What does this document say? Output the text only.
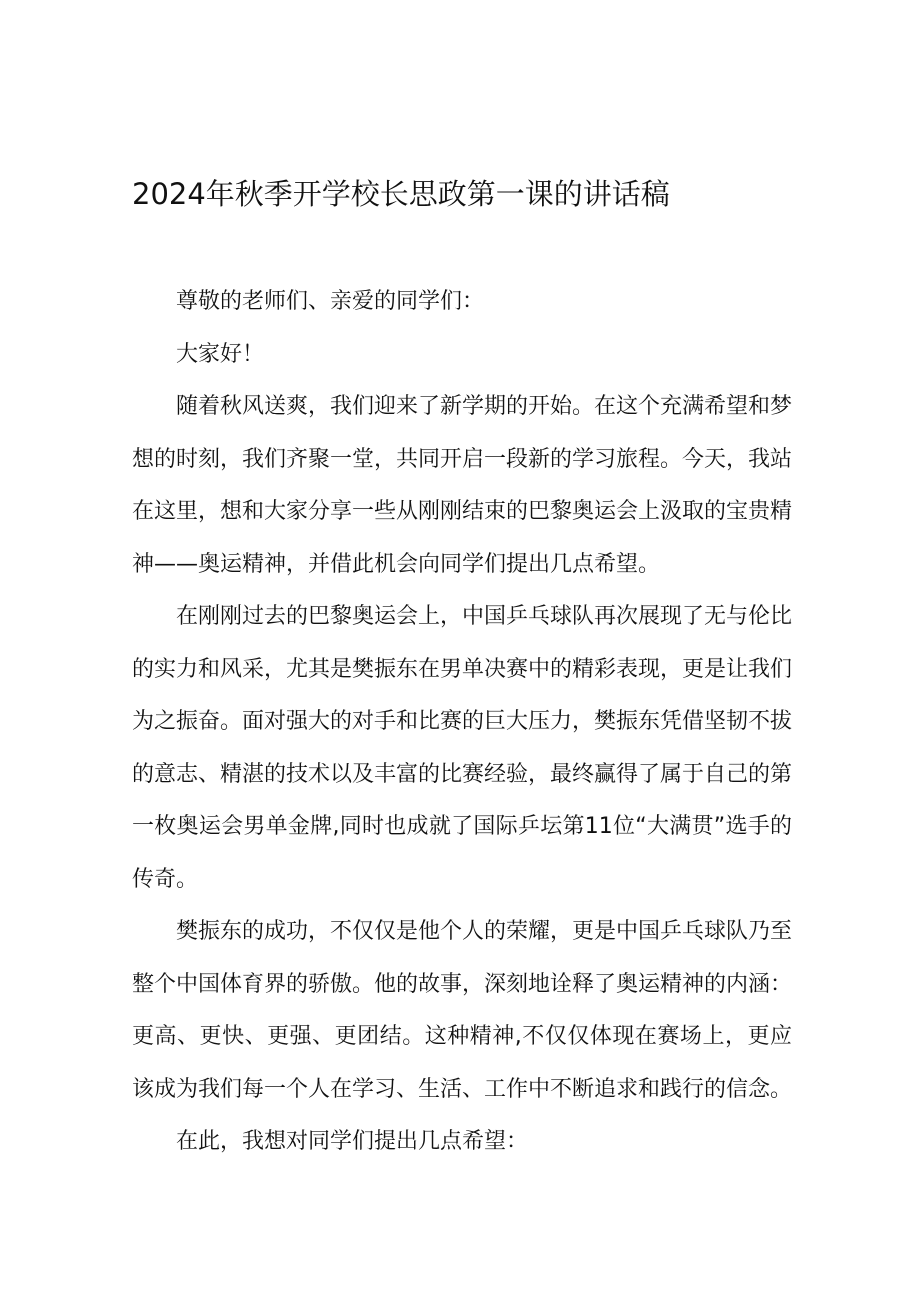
2024年秋季开学校长思政第一课的讲话稿

尊敬的老师们、亲爱的同学们：

大家好！

随着秋风送爽，我们迎来了新学期的开始。在这个充满希望和梦想的时刻，我们齐聚一堂，共同开启一段新的学习旅程。今天，我站在这里，想和大家分享一些从刚刚结束的巴黎奥运会上汲取的宝贵精神——奥运精神，并借此机会向同学们提出几点希望。

在刚刚过去的巴黎奥运会上，中国乒乓球队再次展现了无与伦比的实力和风采，尤其是樊振东在男单决赛中的精彩表现，更是让我们为之振奋。面对强大的对手和比赛的巨大压力，樊振东凭借坚韧不拔的意志、精湛的技术以及丰富的比赛经验，最终赢得了属于自己的第一枚奥运会男单金牌,同时也成就了国际乒坛第11位“大满贯”选手的传奇。

樊振东的成功，不仅仅是他个人的荣耀，更是中国乒乓球队乃至整个中国体育界的骄傲。他的故事，深刻地诠释了奥运精神的内涵：更高、更快、更强、更团结。这种精神,不仅仅体现在赛场上，更应该成为我们每一个人在学习、生活、工作中不断追求和践行的信念。

在此，我想对同学们提出几点希望：
